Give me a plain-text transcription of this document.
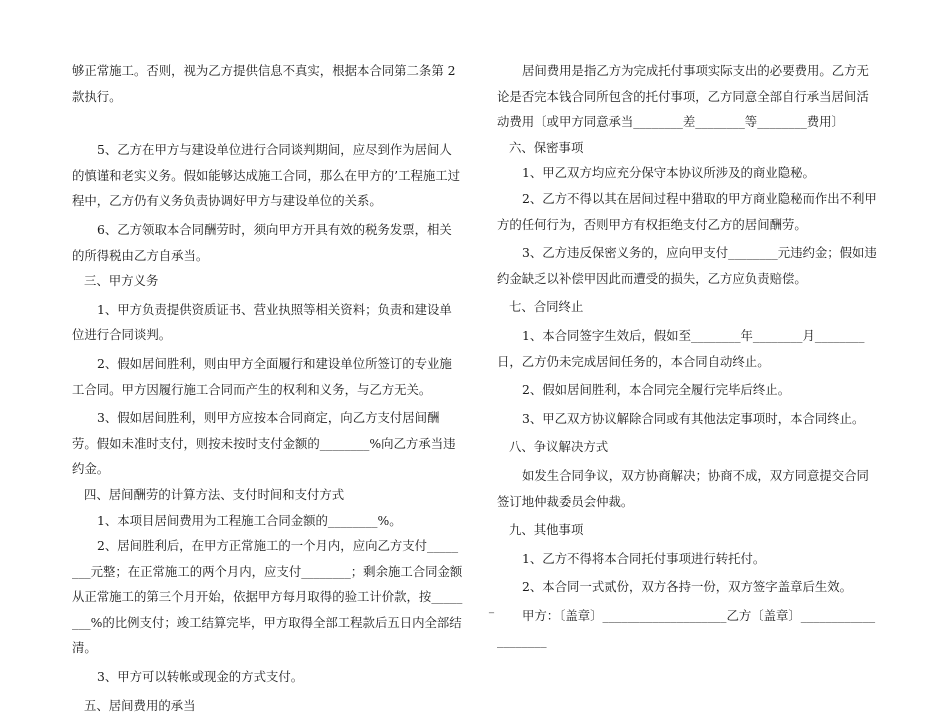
够正常施工。否则，视为乙方提供信息不真实，根据本合同第二条第 2 款执行。

5、乙方在甲方与建设单位进行合同谈判期间，应尽到作为居间人的慎谨和老实义务。假如能够达成施工合同，那么在甲方的’工程施工过程中，乙方仍有义务负责协调好甲方与建设单位的关系。

6、乙方领取本合同酬劳时，须向甲方开具有效的税务发票，相关的所得税由乙方自承当。

三、甲方义务

1、甲方负责提供资质证书、营业执照等相关资料；负责和建设单位进行合同谈判。

2、假如居间胜利，则由甲方全面履行和建设单位所签订的专业施工合同。甲方因履行施工合同而产生的权利和义务，与乙方无关。

3、假如居间胜利，则甲方应按本合同商定，向乙方支付居间酬劳。假如未准时支付，则按未按时支付金额的________%向乙方承当违约金。

四、居间酬劳的计算方法、支付时间和支付方式

1、本项目居间费用为工程施工合同金额的________%。

2、居间胜利后，在甲方正常施工的一个月内，应向乙方支付________元整；在正常施工的两个月内，应支付________；剩余施工合同金额从正常施工的第三个月开始，依据甲方每月取得的验工计价款，按________%的比例支付；竣工结算完毕，甲方取得全部工程款后五日内全部结清。

3、甲方可以转帐或现金的方式支付。

五、居间费用的承当

居间费用是指乙方为完成托付事项实际支出的必要费用。乙方无论是否完本钱合同所包含的托付事项，乙方同意全部自行承当居间活动费用〔或甲方同意承当________差________等________费用〕

六、保密事项

1、甲乙双方均应充分保守本协议所涉及的商业隐秘。

2、乙方不得以其在居间过程中猎取的甲方商业隐秘而作出不利甲方的任何行为，否则甲方有权拒绝支付乙方的居间酬劳。

3、乙方违反保密义务的，应向甲支付________元违约金；假如违约金缺乏以补偿甲因此而遭受的损失，乙方应负责赔偿。

七、合同终止

1、本合同签字生效后，假如至________年________月________日，乙方仍未完成居间任务的，本合同自动终止。

2、假如居间胜利，本合同完全履行完毕后终止。

3、甲乙双方协议解除合同或有其他法定事项时，本合同终止。

八、争议解决方式

如发生合同争议，双方协商解决；协商不成，双方同意提交合同签订地仲裁委员会仲裁。

九、其他事项

1、乙方不得将本合同托付事项进行转托付。

2、本合同一式贰份，双方各持一份，双方签字盖章后生效。

甲方：〔盖章〕____________________乙方〔盖章〕____________________

_
